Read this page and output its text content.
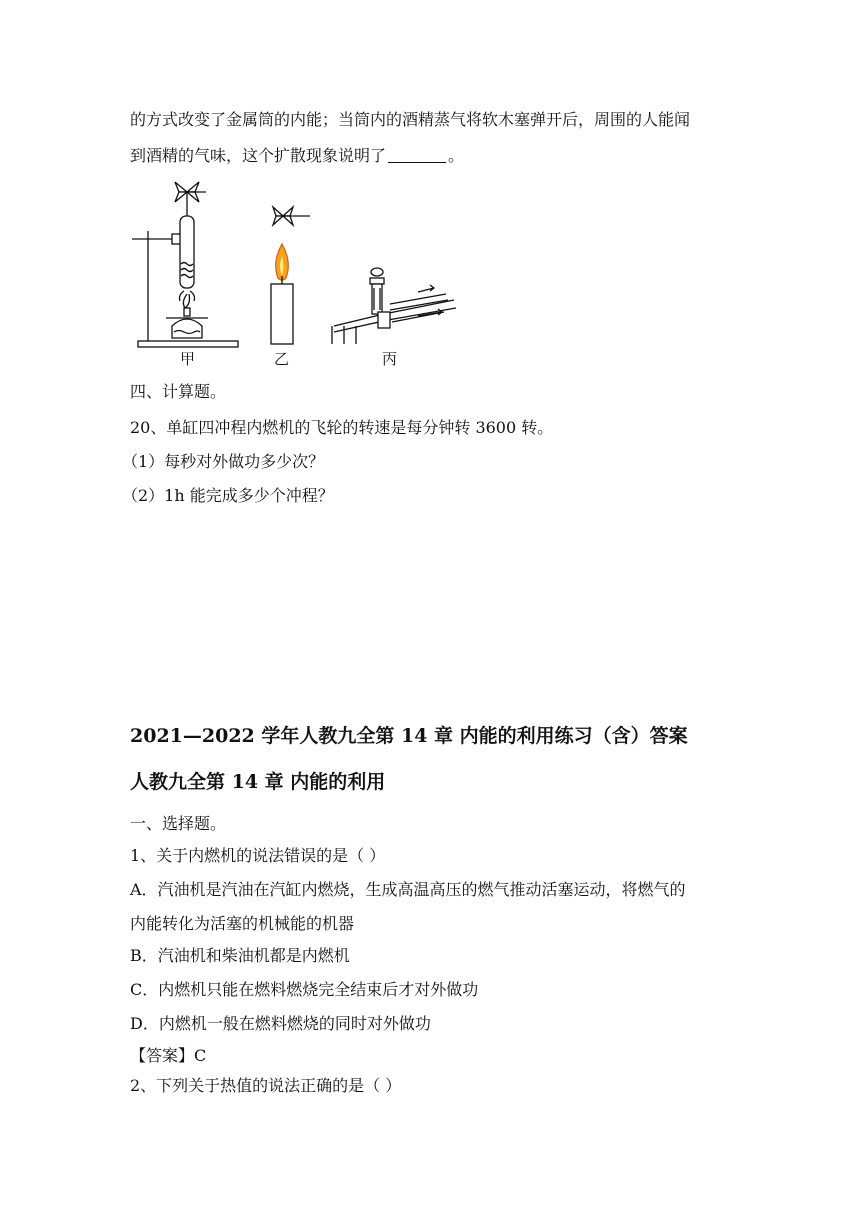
的方式改变了金属筒的内能；当筒内的酒精蒸气将软木塞弹开后，周围的人能闻
到酒精的气味，这个扩散现象说明了	。
甲	乙	丙
四、计算题。
20、单缸四冲程内燃机的飞轮的转速是每分钟转 3600 转。
（1）每秒对外做功多少次？
（2）1h 能完成多少个冲程？
2021—2022 学年人教九全第 14 章 内能的利用练习（含）答案
人教九全第 14 章 内能的利用
一、选择题。
1、关于内燃机的说法错误的是（ ）
A．汽油机是汽油在汽缸内燃烧，生成高温高压的燃气推动活塞运动，将燃气的
内能转化为活塞的机械能的机器
B．汽油机和柴油机都是内燃机
C．内燃机只能在燃料燃烧完全结束后才对外做功
D．内燃机一般在燃料燃烧的同时对外做功
【答案】C
2、下列关于热值的说法正确的是（ ）
